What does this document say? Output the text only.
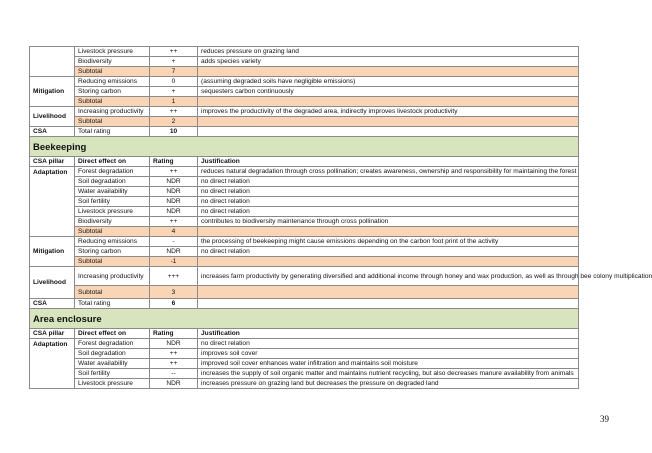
	Livestock pressure	++	reduces pressure on grazing land
	Biodiversity	+	adds species variety
	Subtotal	7	
Mitigation	Reducing emissions	0	(assuming degraded soils have negligible emissions)
	Storing carbon	+	sequesters carbon continuously
	Subtotal	1	
Livelihood	Increasing productivity	++	improves the productivity of the degraded area, indirectly improves livestock productivity
	Subtotal	2	
CSA	Total rating	10	
Beekeeping			
CSA pillar	Direct effect on	Rating	Justification
Adaptation	Forest degradation	++	reduces natural degradation through cross pollination; creates awareness, ownership and responsibility for maintaining the forest
	Soil degradation	NDR	no direct relation
	Water availability	NDR	no direct relation
	Soil fertility	NDR	no direct relation
	Livestock pressure	NDR	no direct relation
	Biodiversity	++	contributes to biodiversity maintenance through cross pollination
	Subtotal	4	
Mitigation	Reducing emissions	-	the processing of beekeeping might cause emissions depending on the carbon foot print of the activity
	Storing carbon	NDR	no direct relation
	Subtotal	-1	
Livelihood	Increasing productivity	+++	increases farm productivity by generating diversified and additional income through honey and wax production, as well as through bee colony multiplication
	Subtotal	3	
CSA	Total rating	6	
Area enclosure			
CSA pillar	Direct effect on	Rating	Justification
Adaptation	Forest degradation	NDR	no direct relation
	Soil degradation	++	improves soil cover
	Water availability	++	improved soil cover enhances water infiltration and maintains soil moisture
	Soil fertility	--	increases the supply of soil organic matter and maintains nutrient recycling, but also decreases manure availability from animals
	Livestock pressure	NDR	increases pressure on grazing land but decreases the pressure on degraded land
39
